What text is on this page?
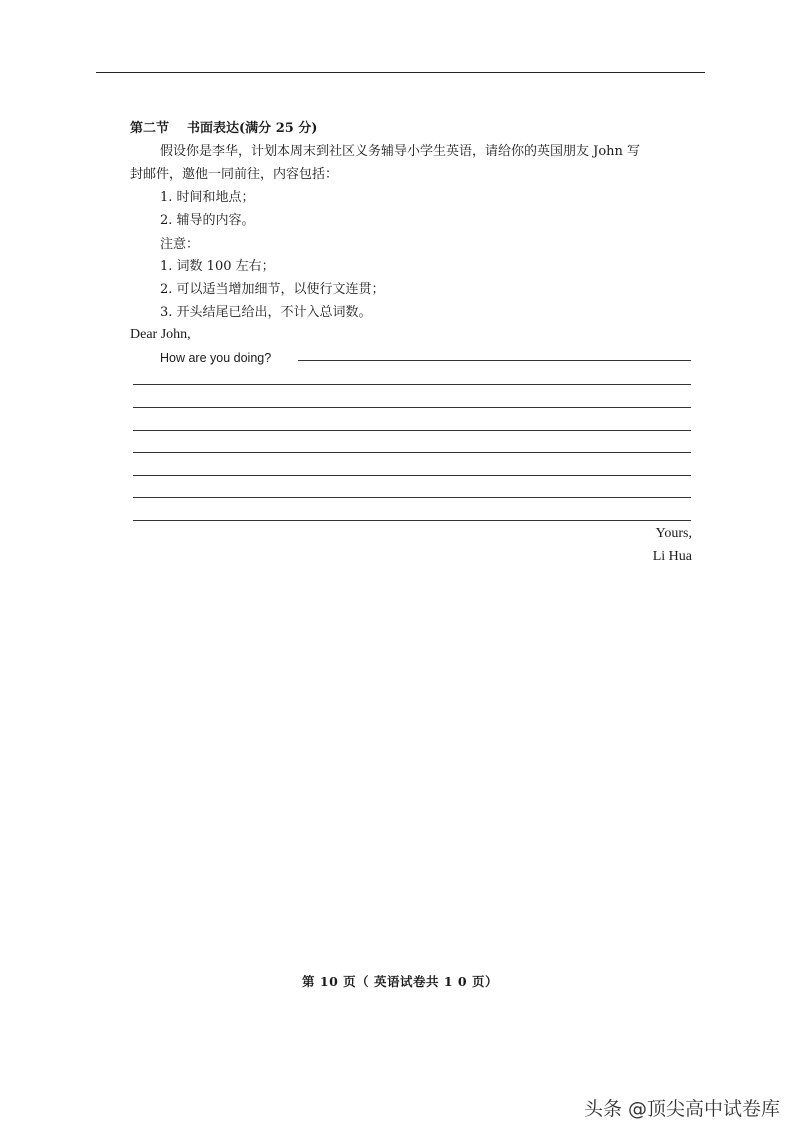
第二节 书面表达(满分 25 分)
假设你是李华，计划本周末到社区义务辅导小学生英语，请给你的英国朋友 John 写
封邮件，邀他一同前往，内容包括：
1. 时间和地点；
2. 辅导的内容。
注意：
1. 词数 100 左右；
2. 可以适当增加细节，以使行文连贯；
3. 开头结尾已给出，不计入总词数。
Dear John,
How are you doing?
Yours,
Li Hua
第 10 页（ 英语试卷共 1 0 页）
头条 @顶尖高中试卷库
